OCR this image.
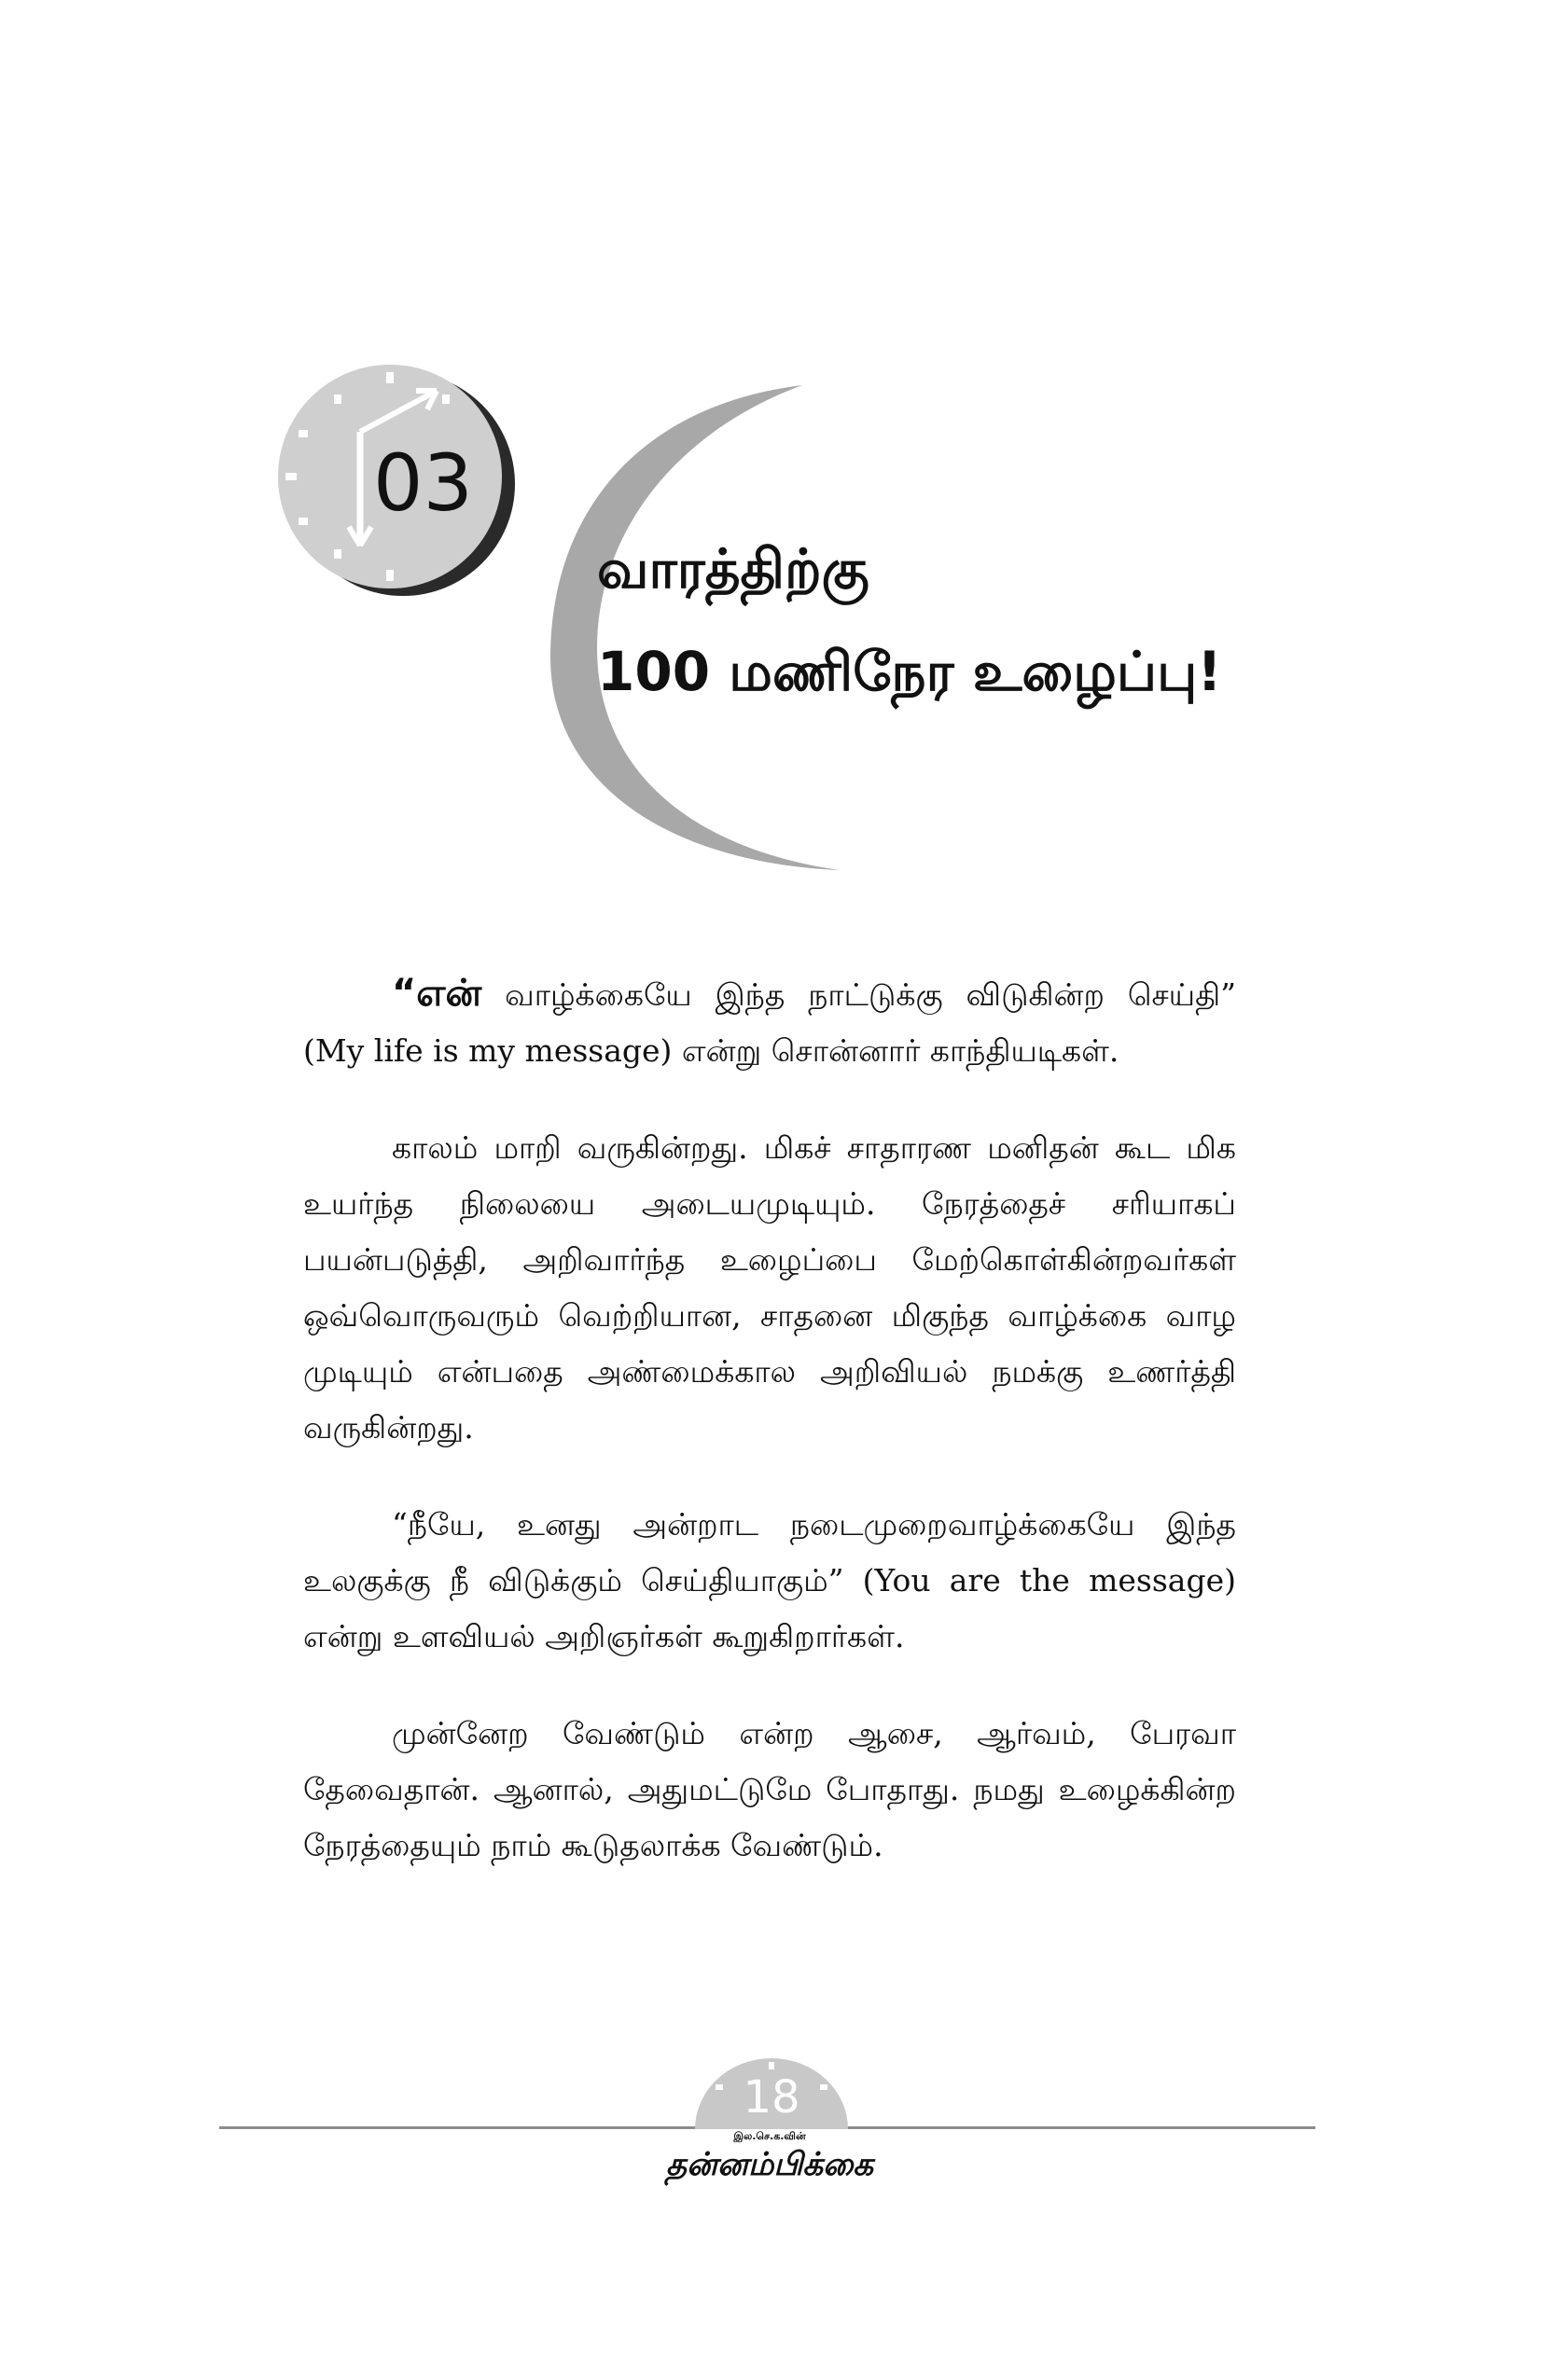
03
வாரத்திற்கு
100 மணிநேர உழைப்பு!

“என் வாழ்க்கையே இந்த நாட்டுக்கு விடுகின்ற செய்தி” (My life is my message) என்று சொன்னார் காந்தியடிகள்.

காலம் மாறி வருகின்றது. மிகச் சாதாரண மனிதன் கூட மிக உயர்ந்த நிலையை அடையமுடியும். நேரத்தைச் சரியாகப் பயன்படுத்தி, அறிவார்ந்த உழைப்பை மேற்கொள்கின்றவர்கள் ஒவ்வொருவரும் வெற்றியான, சாதனை மிகுந்த வாழ்க்கை வாழ முடியும் என்பதை அண்மைக்கால அறிவியல் நமக்கு உணர்த்தி வருகின்றது.

“நீயே, உனது அன்றாட நடைமுறைவாழ்க்கையே இந்த உலகுக்கு நீ விடுக்கும் செய்தியாகும்” (You are the message) என்று உளவியல் அறிஞர்கள் கூறுகிறார்கள்.

முன்னேற வேண்டும் என்ற ஆசை, ஆர்வம், பேரவா தேவைதான். ஆனால், அதுமட்டுமே போதாது. நமது உழைக்கின்ற நேரத்தையும் நாம் கூடுதலாக்க வேண்டும்.

18
இல.செ.க.வின்
தன்னம்பிக்கை
